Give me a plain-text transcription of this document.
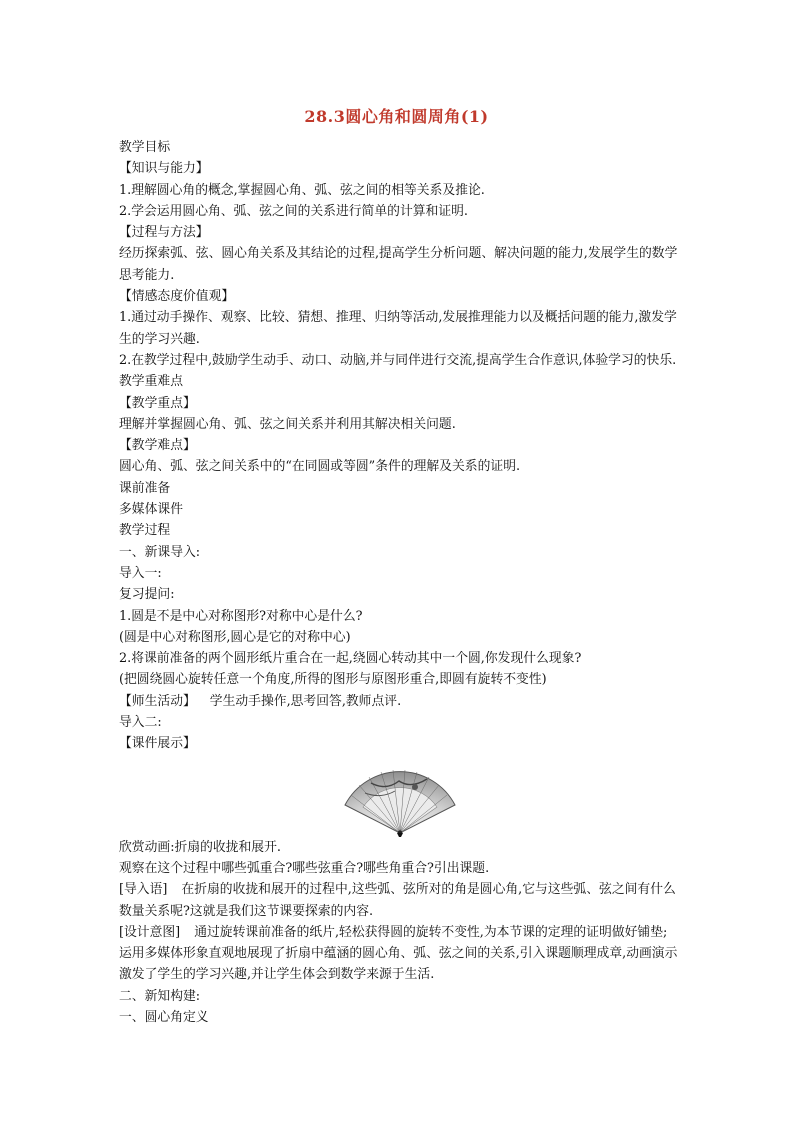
28.3圆心角和圆周角(1)
教学目标
【知识与能力】
1.理解圆心角的概念,掌握圆心角、弧、弦之间的相等关系及推论.
2.学会运用圆心角、弧、弦之间的关系进行简单的计算和证明.
【过程与方法】
经历探索弧、弦、圆心角关系及其结论的过程,提高学生分析问题、解决问题的能力,发展学生的数学思考能力.
【情感态度价值观】
1.通过动手操作、观察、比较、猜想、推理、归纳等活动,发展推理能力以及概括问题的能力,激发学生的学习兴趣.
2.在教学过程中,鼓励学生动手、动口、动脑,并与同伴进行交流,提高学生合作意识,体验学习的快乐.
教学重难点
【教学重点】
理解并掌握圆心角、弧、弦之间关系并利用其解决相关问题.
【教学难点】
圆心角、弧、弦之间关系中的“在同圆或等圆”条件的理解及关系的证明.
课前准备
多媒体课件
教学过程
一、新课导入:
导入一:
复习提问:
1.圆是不是中心对称图形?对称中心是什么?
(圆是中心对称图形,圆心是它的对称中心)
2.将课前准备的两个圆形纸片重合在一起,绕圆心转动其中一个圆,你发现什么现象?
(把圆绕圆心旋转任意一个角度,所得的图形与原图形重合,即圆有旋转不变性)
【师生活动】 学生动手操作,思考回答,教师点评.
导入二:
【课件展示】
欣赏动画:折扇的收拢和展开.
观察在这个过程中哪些弧重合?哪些弦重合?哪些角重合?引出课题.
[导入语] 在折扇的收拢和展开的过程中,这些弧、弦所对的角是圆心角,它与这些弧、弦之间有什么数量关系呢?这就是我们这节课要探索的内容.
[设计意图] 通过旋转课前准备的纸片,轻松获得圆的旋转不变性,为本节课的定理的证明做好铺垫;运用多媒体形象直观地展现了折扇中蕴涵的圆心角、弧、弦之间的关系,引入课题顺理成章,动画演示激发了学生的学习兴趣,并让学生体会到数学来源于生活.
二、新知构建:
一、圆心角定义
